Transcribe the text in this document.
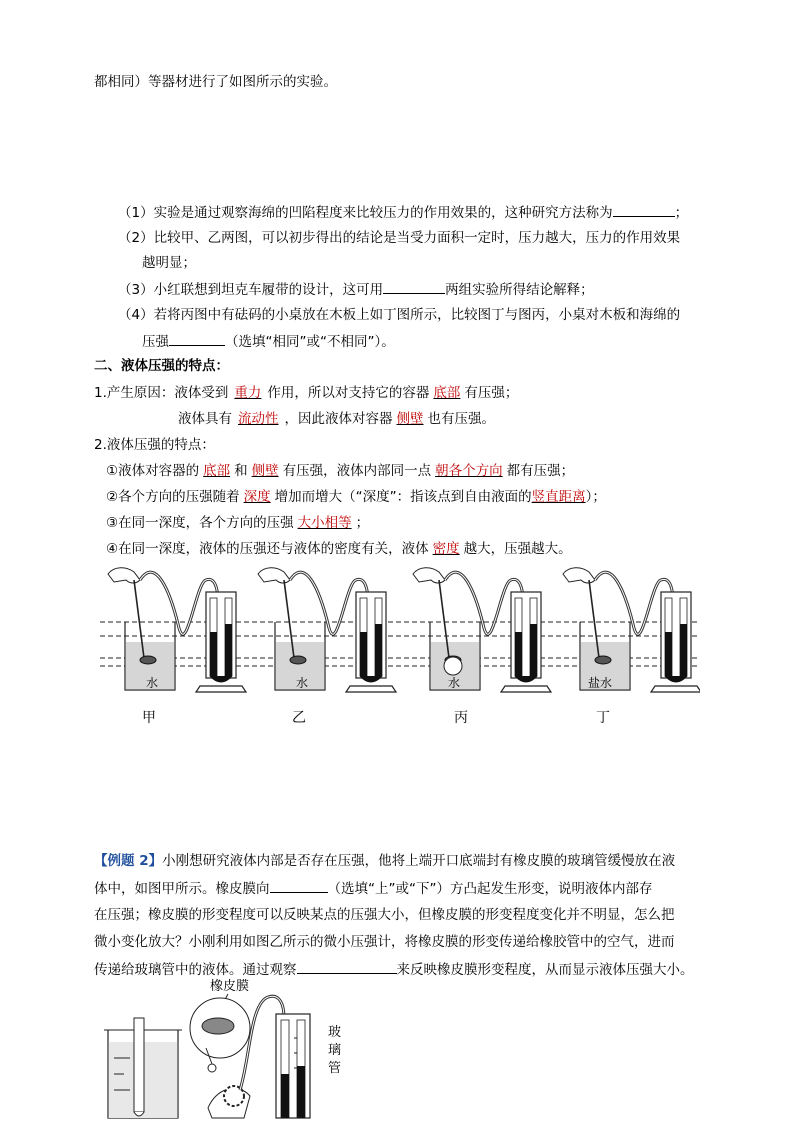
都相同）等器材进行了如图所示的实验。
（1）实验是通过观察海绵的凹陷程度来比较压力的作用效果的，这种研究方法称为	；
（2）比较甲、乙两图，可以初步得出的结论是当受力面积一定时，压力越大，压力的作用效果
越明显；
（3）小红联想到坦克车履带的设计，这可用	两组实验所得结论解释；
（4）若将丙图中有砝码的小桌放在木板上如丁图所示，比较图丁与图丙，小桌对木板和海绵的
压强	（选填“相同”或“不相同”）。
二、液体压强的特点：
1.产生原因：液体受到 重力 作用，所以对支持它的容器 底部 有压强；
液体具有 流动性 ，因此液体对容器 侧壁 也有压强。
2.液体压强的特点：
①液体对容器的 底部 和 侧壁 有压强，液体内部同一点 朝各个方向 都有压强；
②各个方向的压强随着 深度 增加而增大（“深度”：指该点到自由液面的竖直距离）；
③在同一深度，各个方向的压强 大小相等 ；
④在同一深度，液体的压强还与液体的密度有关，液体 密度 越大，压强越大。
水	水	水	盐水
甲	乙	丙	丁
【例题 2】小刚想研究液体内部是否存在压强，他将上端开口底端封有橡皮膜的玻璃管缓慢放在液
体中，如图甲所示。橡皮膜向	（选填“上”或“下”）方凸起发生形变，说明液体内部存
在压强；橡皮膜的形变程度可以反映某点的压强大小，但橡皮膜的形变程度变化并不明显，怎么把
微小变化放大？小刚利用如图乙所示的微小压强计，将橡皮膜的形变传递给橡胶管中的空气，进而
传递给玻璃管中的液体。通过观察	来反映橡皮膜形变程度，从而显示液体压强大小。
橡皮膜
玻
璃
管
